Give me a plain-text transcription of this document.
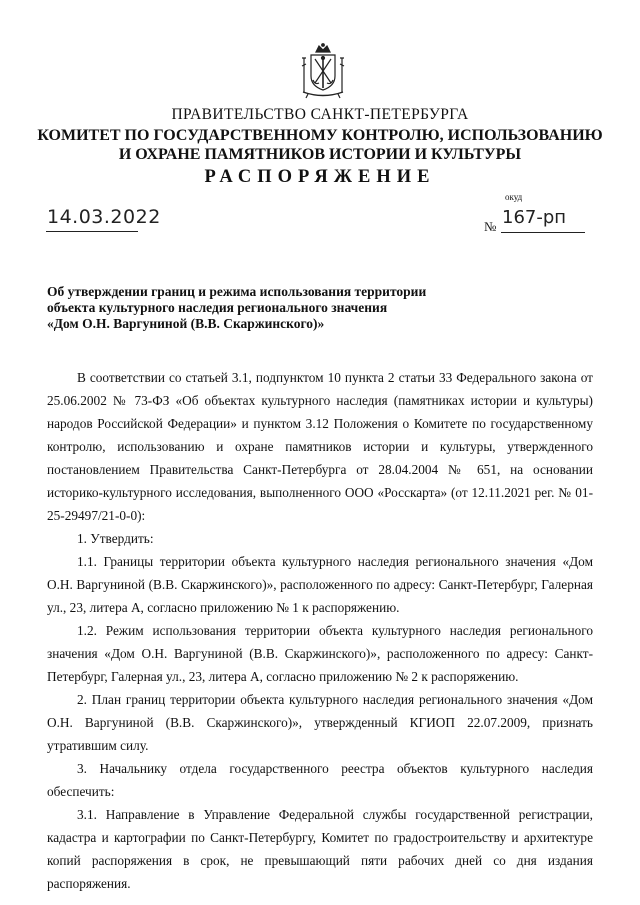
ПРАВИТЕЛЬСТВО САНКТ-ПЕТЕРБУРГА
КОМИТЕТ ПО ГОСУДАРСТВЕННОМУ КОНТРОЛЮ, ИСПОЛЬЗОВАНИЮ
И ОХРАНЕ ПАМЯТНИКОВ ИСТОРИИ И КУЛЬТУРЫ
РАСПОРЯЖЕНИЕ
окуд
14.03.2022	№ 167-рп
Об утверждении границ и режима использования территории
объекта культурного наследия регионального значения
«Дом О.Н. Варгуниной (В.В. Скаржинского)»

В соответствии со статьей 3.1, подпунктом 10 пункта 2 статьи 33 Федерального закона от 25.06.2002 № 73-ФЗ «Об объектах культурного наследия (памятниках истории и культуры) народов Российской Федерации» и пунктом 3.12 Положения о Комитете по государственному контролю, использованию и охране памятников истории и культуры, утвержденного постановлением Правительства Санкт-Петербурга от 28.04.2004 № 651, на основании историко-культурного исследования, выполненного ООО «Росскарта» (от 12.11.2021 рег. № 01-25-29497/21-0-0):

1. Утвердить:

1.1. Границы территории объекта культурного наследия регионального значения «Дом О.Н. Варгуниной (В.В. Скаржинского)», расположенного по адресу: Санкт-Петербург, Галерная ул., 23, литера А, согласно приложению № 1 к распоряжению.

1.2. Режим использования территории объекта культурного наследия регионального значения «Дом О.Н. Варгуниной (В.В. Скаржинского)», расположенного по адресу: Санкт-Петербург, Галерная ул., 23, литера А, согласно приложению № 2 к распоряжению.

2. План границ территории объекта культурного наследия регионального значения «Дом О.Н. Варгуниной (В.В. Скаржинского)», утвержденный КГИОП 22.07.2009, признать утратившим силу.

3. Начальнику отдела государственного реестра объектов культурного наследия обеспечить:

3.1. Направление в Управление Федеральной службы государственной регистрации, кадастра и картографии по Санкт-Петербургу, Комитет по градостроительству и архитектуре копий распоряжения в срок, не превышающий пяти рабочих дней со дня издания распоряжения.
